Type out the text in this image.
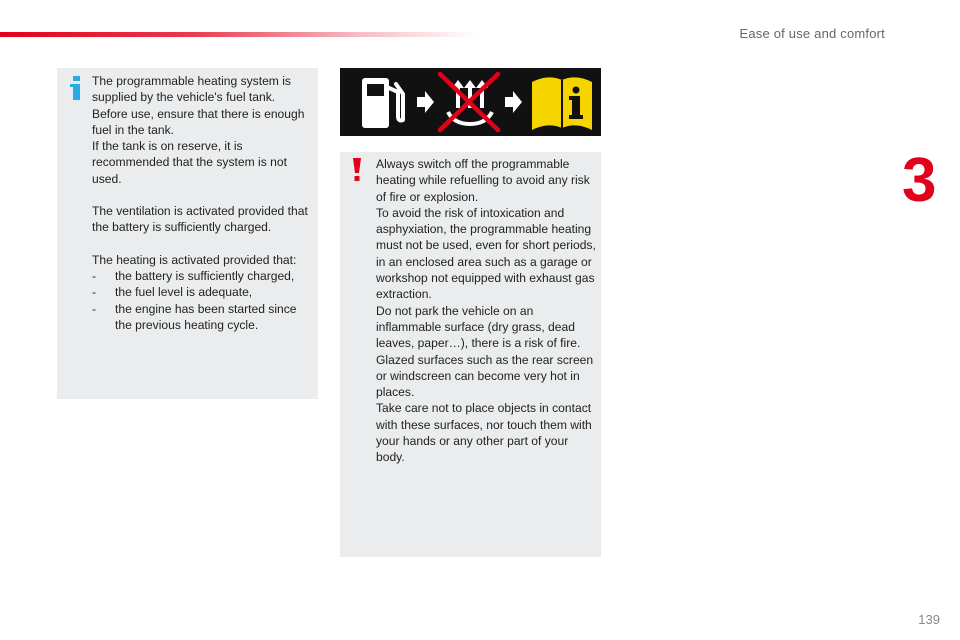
Ease of use and comfort
3

The programmable heating system is supplied by the vehicle's fuel tank. Before use, ensure that there is enough fuel in the tank.

If the tank is on reserve, it is recommended that the system is not used.

The ventilation is activated provided that the battery is sufficiently charged.

The heating is activated provided that:

- the battery is sufficiently charged,
- the fuel level is adequate,
- the engine has been started since the previous heating cycle.

Always switch off the programmable heating while refuelling to avoid any risk of fire or explosion.

To avoid the risk of intoxication and asphyxiation, the programmable heating must not be used, even for short periods, in an enclosed area such as a garage or workshop not equipped with exhaust gas extraction.

Do not park the vehicle on an inflammable surface (dry grass, dead leaves, paper…), there is a risk of fire.

Glazed surfaces such as the rear screen or windscreen can become very hot in places.

Take care not to place objects in contact with these surfaces, nor touch them with your hands or any other part of your body.

139
